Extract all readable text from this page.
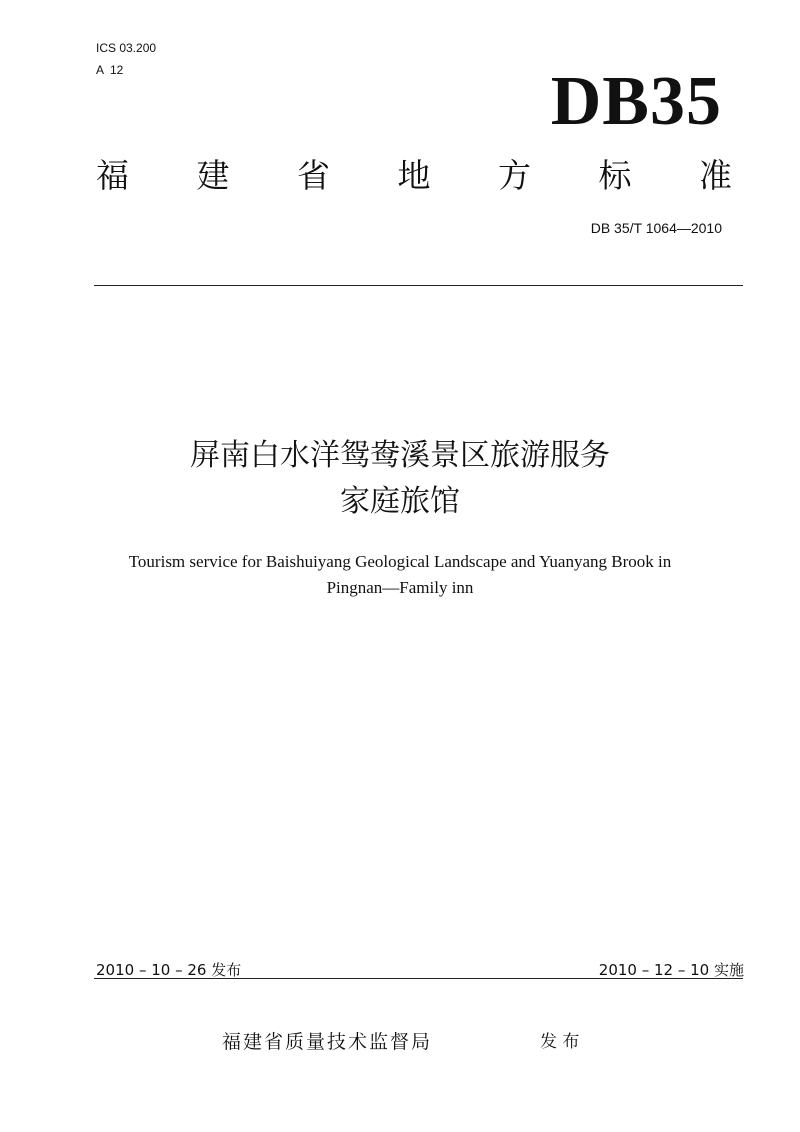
ICS 03.200
A  12	DB35
福 建 省 地 方 标 准
DB 35/T 1064—2010
屏南白水洋鸳鸯溪景区旅游服务
家庭旅馆
Tourism service for Baishuiyang Geological Landscape and Yuanyang Brook in
Pingnan—Family inn
2010 – 10 – 26 发布	2010 – 12 – 10 实施
福建省质量技术监督局	发 布
